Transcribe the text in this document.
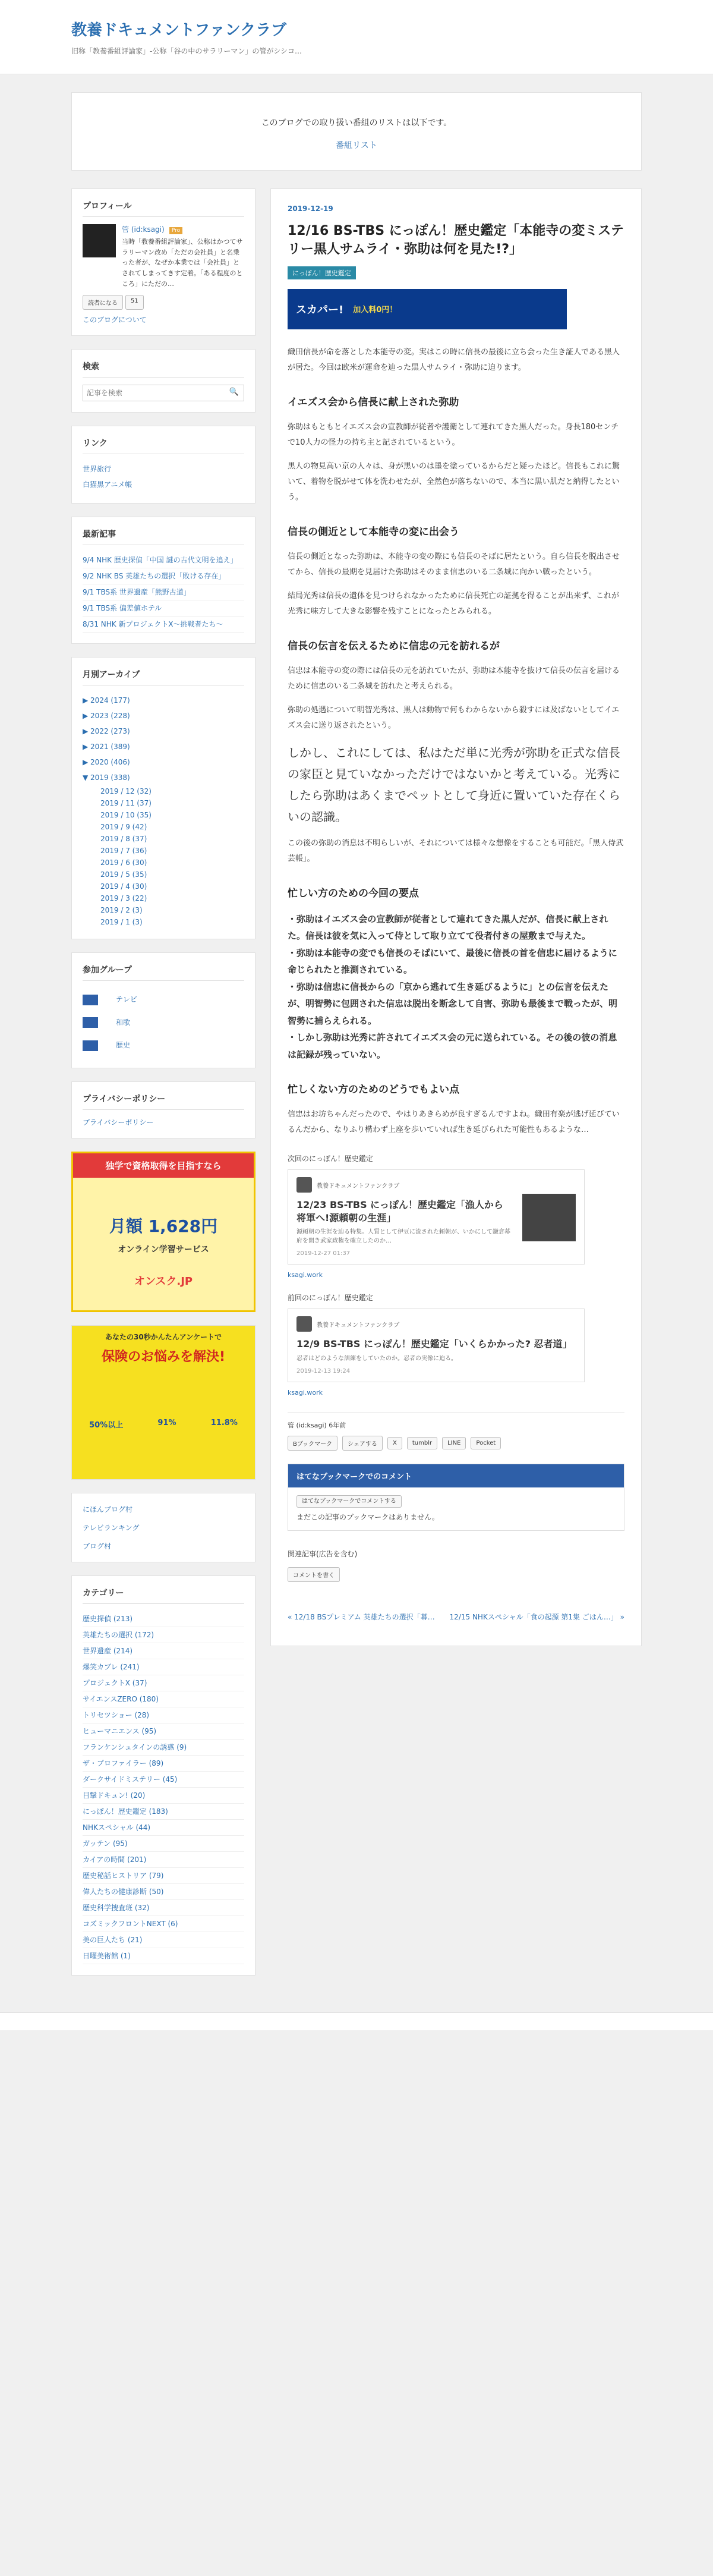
教養ドキュメントファンクラブ
旧称「教養番組評論家」-公称「谷の中のサラリーマン」の管がシシコ…
このブログでの取り扱い番組のリストは以下です。
番組リスト
プロフィール
管 (id:ksagi) Pro

当時「教養番組評論家」、公称はかつてサラリーマン改め「ただの会社員」と名乗った者が、なぜか本業では「会社員」とされてしまってきす定着。「ある程度のところ」にただの…

読者になる	51
このブログについて
検索
記事を検索
🔍
リンク
世界旅行
白猫黒アニメ帳
最新記事
9/4 NHK 歴史探偵「中国 謎の古代文明を追え」
9/2 NHK BS 英雄たちの選択「敗ける存在」
9/1 TBS系 世界遺産「熊野古道」
9/1 TBS系 偏差値ホテル
8/31 NHK 新プロジェクトX〜挑戦者たち〜
月別アーカイブ
▶ 2024 (177)
▶ 2023 (228)
▶ 2022 (273)
▶ 2021 (389)
▶ 2020 (406)
▼ 2019 (338)
2019 / 12 (32)
2019 / 11 (37)
2019 / 10 (35)
2019 / 9 (42)
2019 / 8 (37)
2019 / 7 (36)
2019 / 6 (30)
2019 / 5 (35)
2019 / 4 (30)
2019 / 3 (22)
2019 / 2 (3)
2019 / 1 (3)
参加グループ
テレビ
和歌
歴史
プライバシーポリシー
プライバシーポリシー
独学で資格取得を目指すなら
月額 1,628円
オンライン学習サービス
オンスク.JP
あなたの30秒かんたんアンケートで
保険のお悩みを解決!
50%以上	91%	11.8%
にほんブログ村
テレビランキング
ブログ村
カテゴリー
歴史探偵 (213)
英雄たちの選択 (172)
世界遺産 (214)
爆笑カブレ (241)
プロジェクトX (37)
サイエンスZERO (180)
トリセツショー (28)
ヒューマニエンス (95)
フランケンシュタインの誘惑 (9)
ザ・プロファイラー (89)
ダークサイドミステリー (45)
目撃ドキュン! (20)
にっぽん！歴史鑑定 (183)
NHKスペシャル (44)
ガッテン (95)
カイアの時間 (201)
歴史秘話ヒストリア (79)
偉人たちの健康診断 (50)
歴史科学捜査班 (32)
コズミックフロントNEXT (6)
美の巨人たち (21)
日曜美術館 (1)
2019-12-19
12/16 BS-TBS にっぽん！歴史鑑定「本能寺の変ミステリー黒人サムライ・弥助は何を見た!?」
にっぽん！歴史鑑定
スカパー! 加入料0円！

織田信長が命を落とした本能寺の変。実はこの時に信長の最後に立ち会った生き証人である黒人が居た。今回は欧米が運命を辿った黒人サムライ・弥助に迫ります。

イエズス会から信長に献上された弥助

弥助はもともとイエズス会の宣教師が従者や護衛として連れてきた黒人だった。身長180センチで10人力の怪力の持ち主と記されているという。

黒人の物見高い京の人々は、身が黒いのは墨を塗っているからだと疑ったほど。信長もこれに驚いて、着物を脱がせて体を洗わせたが、全然色が落ちないので、本当に黒い肌だと納得したという。

信長の側近として本能寺の変に出会う

信長の側近となった弥助は、本能寺の変の際にも信長のそばに居たという。自ら信長を脱出させてから、信長の最期を見届けた弥助はそのまま信忠のいる二条城に向かい戦ったという。

結局光秀は信長の遺体を見つけられなかったために信長死亡の証拠を得ることが出来ず、これが光秀に味方して大きな影響を残すことになったとみられる。

信長の伝言を伝えるために信忠の元を訪れるが

信忠は本能寺の変の際には信長の元を訪れていたが、弥助は本能寺を抜けて信長の伝言を届けるために信忠のいる二条城を訪れたと考えられる。

弥助の処遇について明智光秀は、黒人は動物で何もわからないから殺すには及ばないとしてイエズス会に送り返されたという。

しかし、これにしては、私はただ単に光秀が弥助を正式な信長の家臣と見ていなかっただけではないかと考えている。光秀にしたら弥助はあくまでペットとして身近に置いていた存在くらいの認識。

この後の弥助の消息は不明らしいが、それについては様々な想像をすることも可能だ。「黒人侍武芸帳」。

忙しい方のための今回の要点
・弥助はイエズス会の宣教師が従者として連れてきた黒人だが、信長に献上された。信長は彼を気に入って侍として取り立てて役者付きの屋敷まで与えた。
・弥助は本能寺の変でも信長のそばにいて、最後に信長の首を信忠に届けるように命じられたと推測されている。
・弥助は信忠に信長からの「京から逃れて生き延びるように」との伝言を伝えたが、明智勢に包囲された信忠は脱出を断念して自害、弥助も最後まで戦ったが、明智勢に捕らえられる。
・しかし弥助は光秀に許されてイエズス会の元に送られている。その後の彼の消息は記録が残っていない。
忙しくない方のためのどうでもよい点

信忠はお坊ちゃんだったので、やはりあきらめが良すぎるんですよね。織田有楽が逃げ延びているんだから、なりふり構わず上座を歩いていれば生き延びられた可能性もあるような…

次回のにっぽん！歴史鑑定
教養ドキュメントファンクラブ
12/23 BS-TBS にっぽん！歴史鑑定「漁人から将軍へ!源頼朝の生涯」
源頼朝の生涯を辿る特集。人質として伊豆に流された頼朝が、いかにして鎌倉幕府を開き武家政権を確立したのか…
2019-12-27 01:37
ksagi.work
前回のにっぽん！歴史鑑定
教養ドキュメントファンクラブ
12/9 BS-TBS にっぽん！歴史鑑定「いくらかかった? 忍者道」
忍者はどのような訓練をしていたのか。忍者の実像に迫る。
2019-12-13 19:24
ksagi.work
管 (id:ksagi) 6年前
Bブックマーク	シェアする	X	tumblr	LINE	Pocket
はてなブックマークでのコメント
はてなブックマークでコメントする

まだこの記事のブックマークはありません。

関連記事(広告を含む)
コメントを書く
« 12/18 BSプレミアム 英雄たちの選択「幕… 12/15 NHKスペシャル「食の起源 第1集 ごはん…」 »
